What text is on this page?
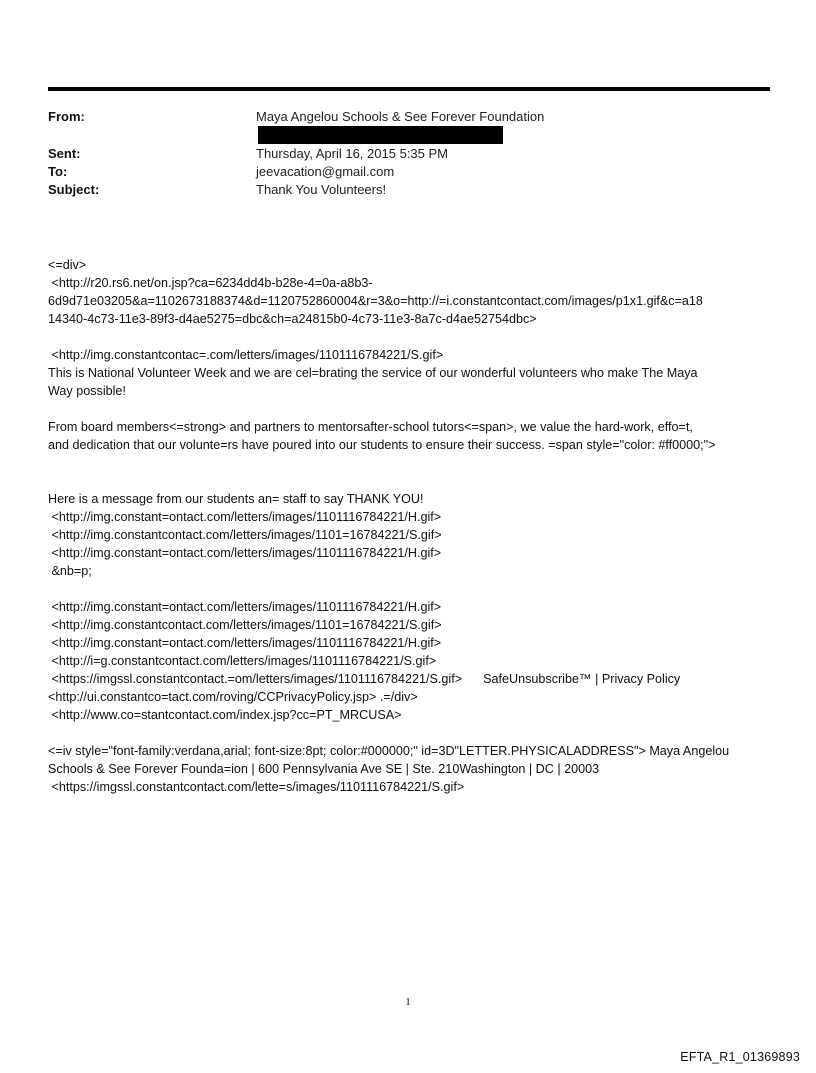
From:	Maya Angelou Schools & See Forever Foundation
Sent:	Thursday, April 16, 2015 5:35 PM
To:	jeevacation@gmail.com
Subject:	Thank You Volunteers!

<=div>

<http://r20.rs6.net/on.jsp?ca=6234dd4b-b28e-4=0a-a8b3-

6d9d71e03205&a=1102673188374&d=1120752860004&r=3&o=http://=i.constantcontact.com/images/p1x1.gif&c=a18

14340-4c73-11e3-89f3-d4ae5275=dbc&ch=a24815b0-4c73-11e3-8a7c-d4ae52754dbc>

<http://img.constantcontac=.com/letters/images/1101116784221/S.gif>

This is National Volunteer Week and we are cel=brating the service of our wonderful volunteers who make The Maya

Way possible!

From board members<=strong> and partners to mentorsafter-school tutors<=span>, we value the hard-work, effo=t,

and dedication that our volunte=rs have poured into our students to ensure their success. =span style="color: #ff0000;">

Here is a message from our students an= staff to say THANK YOU!

<http://img.constant=ontact.com/letters/images/1101116784221/H.gif>

<http://img.constantcontact.com/letters/images/1101=16784221/S.gif>

<http://img.constant=ontact.com/letters/images/1101116784221/H.gif>

&nb=p;

<http://img.constant=ontact.com/letters/images/1101116784221/H.gif>

<http://img.constantcontact.com/letters/images/1101=16784221/S.gif>

<http://img.constant=ontact.com/letters/images/1101116784221/H.gif>

<http://i=g.constantcontact.com/letters/images/1101116784221/S.gif>

<https://imgssl.constantcontact.=om/letters/images/1101116784221/S.gif>      SafeUnsubscribe™ | Privacy Policy

<http://ui.constantco=tact.com/roving/CCPrivacyPolicy.jsp> .=/div>

<http://www.co=stantcontact.com/index.jsp?cc=PT_MRCUSA>

<=iv style="font-family:verdana,arial; font-size:8pt; color:#000000;" id=3D"LETTER.PHYSICALADDRESS"> Maya Angelou

Schools & See Forever Founda=ion | 600 Pennsylvania Ave SE | Ste. 210Washington | DC | 20003

<https://imgssl.constantcontact.com/lette=s/images/1101116784221/S.gif>

1
EFTA_R1_01369893
